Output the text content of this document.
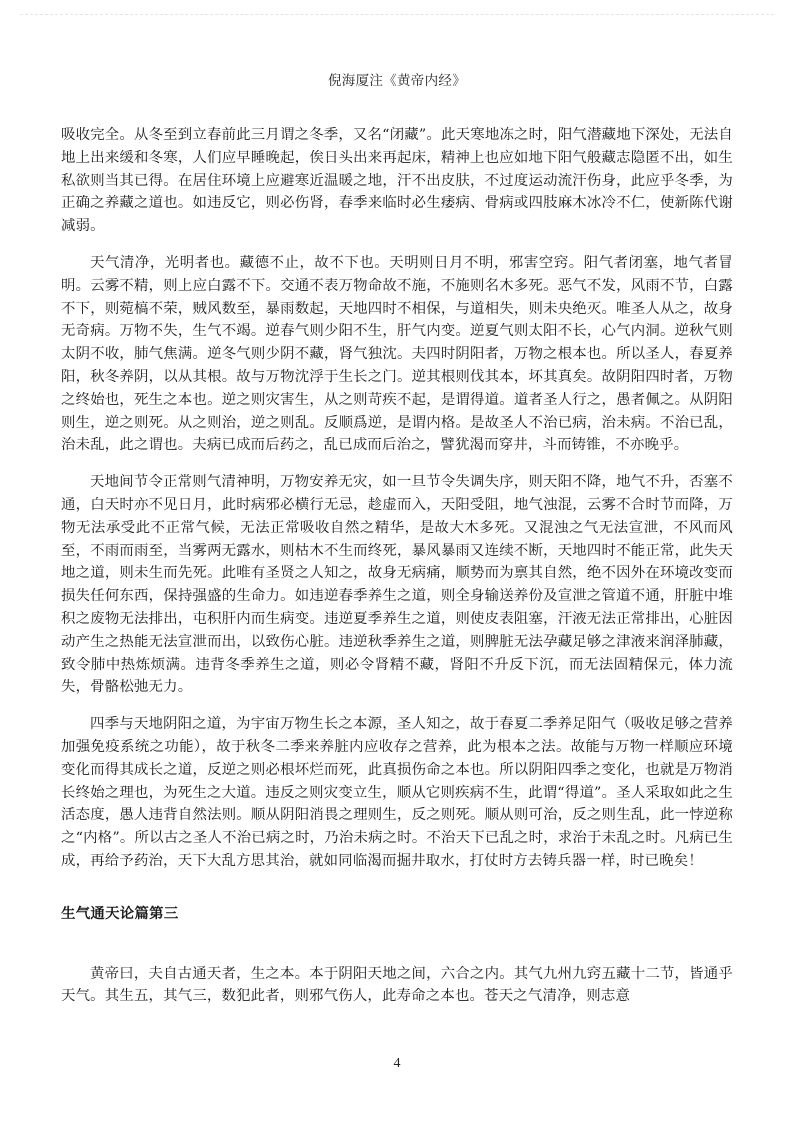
倪海厦注《黄帝内经》

吸收完全。从冬至到立春前此三月谓之冬季，又名“闭藏”。此天寒地冻之时，阳气潜藏地下深处，无法自地上出来缓和冬寒，人们应早睡晚起，俟日头出来再起床，精神上也应如地下阳气般藏志隐匿不出，如生私欲则当其已得。在居住环境上应避寒近温暖之地，汗不出皮肤，不过度运动流汗伤身，此应乎冬季，为正确之养藏之道也。如违反它，则必伤肾，春季来临时必生痿病、骨病或四肢麻木冰冷不仁，使新陈代谢减弱。

天气清净，光明者也。藏德不止，故不下也。天明则日月不明，邪害空窍。阳气者闭塞，地气者冒明。云雾不精，则上应白露不下。交通不表万物命故不施，不施则名木多死。恶气不发，风雨不节，白露不下，则菀槁不荣，贼风数至，暴雨数起，天地四时不相保，与道相失，则未央绝灭。唯圣人从之，故身无奇病。万物不失，生气不竭。逆春气则少阳不生，肝气内变。逆夏气则太阳不长，心气内洞。逆秋气则太阴不收，肺气焦满。逆冬气则少阴不藏，肾气独沈。夫四时阴阳者，万物之根本也。所以圣人，春夏养阳，秋冬养阴，以从其根。故与万物沈浮于生长之门。逆其根则伐其本，坏其真矣。故阴阳四时者，万物之终始也，死生之本也。逆之则灾害生，从之则苛疾不起，是谓得道。道者圣人行之，愚者佩之。从阴阳则生，逆之则死。从之则治，逆之则乱。反顺爲逆，是谓内格。是故圣人不治已病，治未病。不治已乱，治未乱，此之谓也。夫病已成而后药之，乱已成而后治之，譬犹渴而穿井，斗而铸锥，不亦晚乎。

天地间节令正常则气清神明，万物安养无灾，如一旦节令失调失序，则天阳不降，地气不升，否塞不通，白天时亦不见日月，此时病邪必横行无忌，趁虚而入，天阳受阻，地气浊混，云雾不合时节而降，万物无法承受此不正常气候，无法正常吸收自然之精华，是故大木多死。又混浊之气无法宣泄，不风而风至，不雨而雨至，当雾两无露水，则枯木不生而终死，暴风暴雨又连续不断，天地四时不能正常，此失天地之道，则未生而先死。此唯有圣贤之人知之，故身无病痛，顺势而为禀其自然，绝不因外在环境改变而损失任何东西，保持强盛的生命力。如违逆春季养生之道，则全身输送养份及宣泄之管道不通，肝脏中堆积之废物无法排出，屯积肝内而生病变。违逆夏季养生之道，则使皮表阻塞，汗液无法正常排出，心脏因动产生之热能无法宣泄而出，以致伤心脏。违逆秋季养生之道，则脾脏无法孕藏足够之津液来润泽肺藏，致令肺中热炼烦满。违背冬季养生之道，则必令肾精不藏，肾阳不升反下沉，而无法固精保元，体力流失，骨骼松弛无力。

四季与天地阴阳之道，为宇宙万物生长之本源，圣人知之，故于春夏二季养足阳气（吸收足够之营养加强免疫系统之功能），故于秋冬二季来养脏内应收存之营养，此为根本之法。故能与万物一样顺应环境变化而得其成长之道，反逆之则必根坏烂而死，此真损伤命之本也。所以阴阳四季之变化，也就是万物消长终始之理也，为死生之大道。违反之则灾变立生，顺从它则疾病不生，此谓“得道”。圣人采取如此之生活态度，愚人违背自然法则。顺从阴阳消畏之理则生，反之则死。顺从则可治，反之则生乱，此一悖逆称之“内格”。所以古之圣人不治已病之时，乃治未病之时。不治天下已乱之时，求治于未乱之时。凡病已生成，再给予药治，天下大乱方思其治，就如同临渴而掘井取水，打仗时方去铸兵器一样，时已晚矣！

生气通天论篇第三

黄帝曰，夫自古通天者，生之本。本于阴阳天地之间，六合之内。其气九州九窍五藏十二节，皆通乎天气。其生五，其气三，数犯此者，则邪气伤人，此寿命之本也。苍天之气清净，则志意

4
